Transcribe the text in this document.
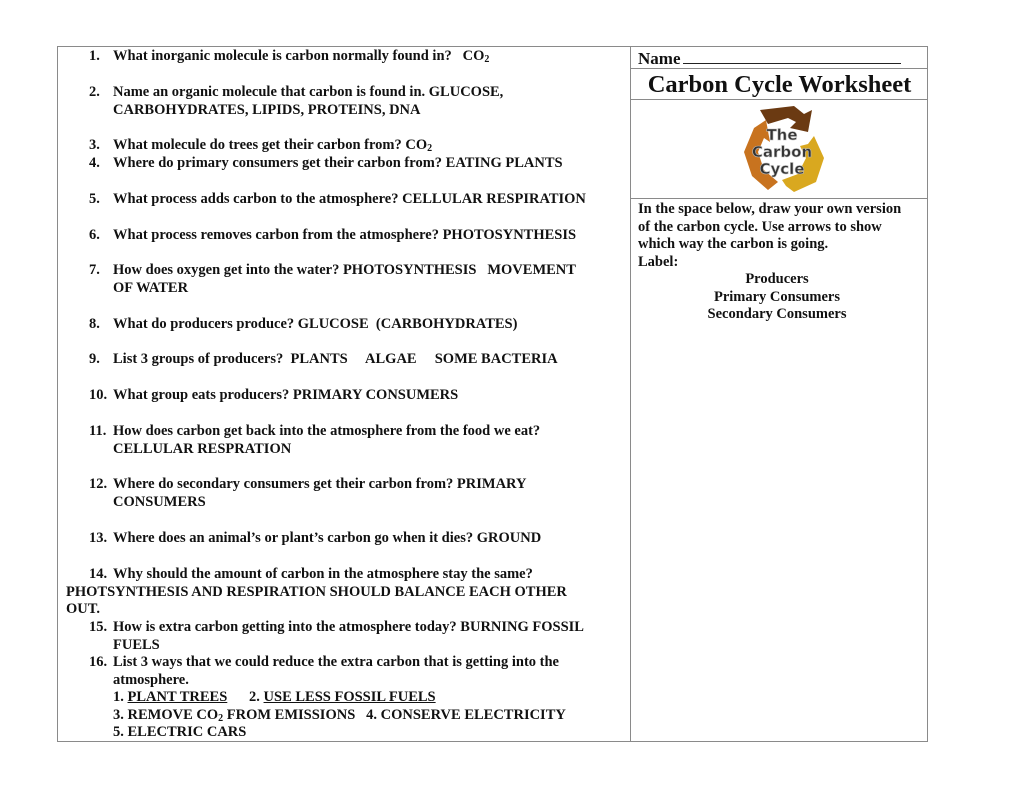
1. What inorganic molecule is carbon normally found in?   $CO_2$
2. Name an organic molecule that carbon is found in. GLUCOSE,
CARBOHYDRATES, LIPIDS, PROTEINS, DNA
3. What molecule do trees get their carbon from? $CO_2$
4. Where do primary consumers get their carbon from? EATING PLANTS
5. What process adds carbon to the atmosphere? CELLULAR RESPIRATION
6. What process removes carbon from the atmosphere? PHOTOSYNTHESIS
7. How does oxygen get into the water? PHOTOSYNTHESIS   MOVEMENT
OF WATER
8. What do producers produce? GLUCOSE  (CARBOHYDRATES)
9. List 3 groups of producers?  PLANTS     ALGAE     SOME BACTERIA
10. What group eats producers? PRIMARY CONSUMERS
11. How does carbon get back into the atmosphere from the food we eat?
CELLULAR RESPRATION
12. Where do secondary consumers get their carbon from? PRIMARY
CONSUMERS
13. Where does an animal’s or plant’s carbon go when it dies? GROUND
14. Why should the amount of carbon in the atmosphere stay the same?
PHOTSYNTHESIS AND RESPIRATION SHOULD BALANCE EACH OTHER
OUT.
15. How is extra carbon getting into the atmosphere today? BURNING FOSSIL
FUELS
16. List 3 ways that we could reduce the extra carbon that is getting into the
atmosphere.
1. PLANT TREES 2. USE LESS FOSSIL FUELS
3. REMOVE $CO_2$ FROM EMISSIONS   4. CONSERVE ELECTRICITY
5. ELECTRIC CARS
Name
Carbon Cycle Worksheet
The
Carbon
Cycle
In the space below, draw your own version
of the carbon cycle. Use arrows to show
which way the carbon is going.
Label:
Producers
Primary Consumers
Secondary Consumers
